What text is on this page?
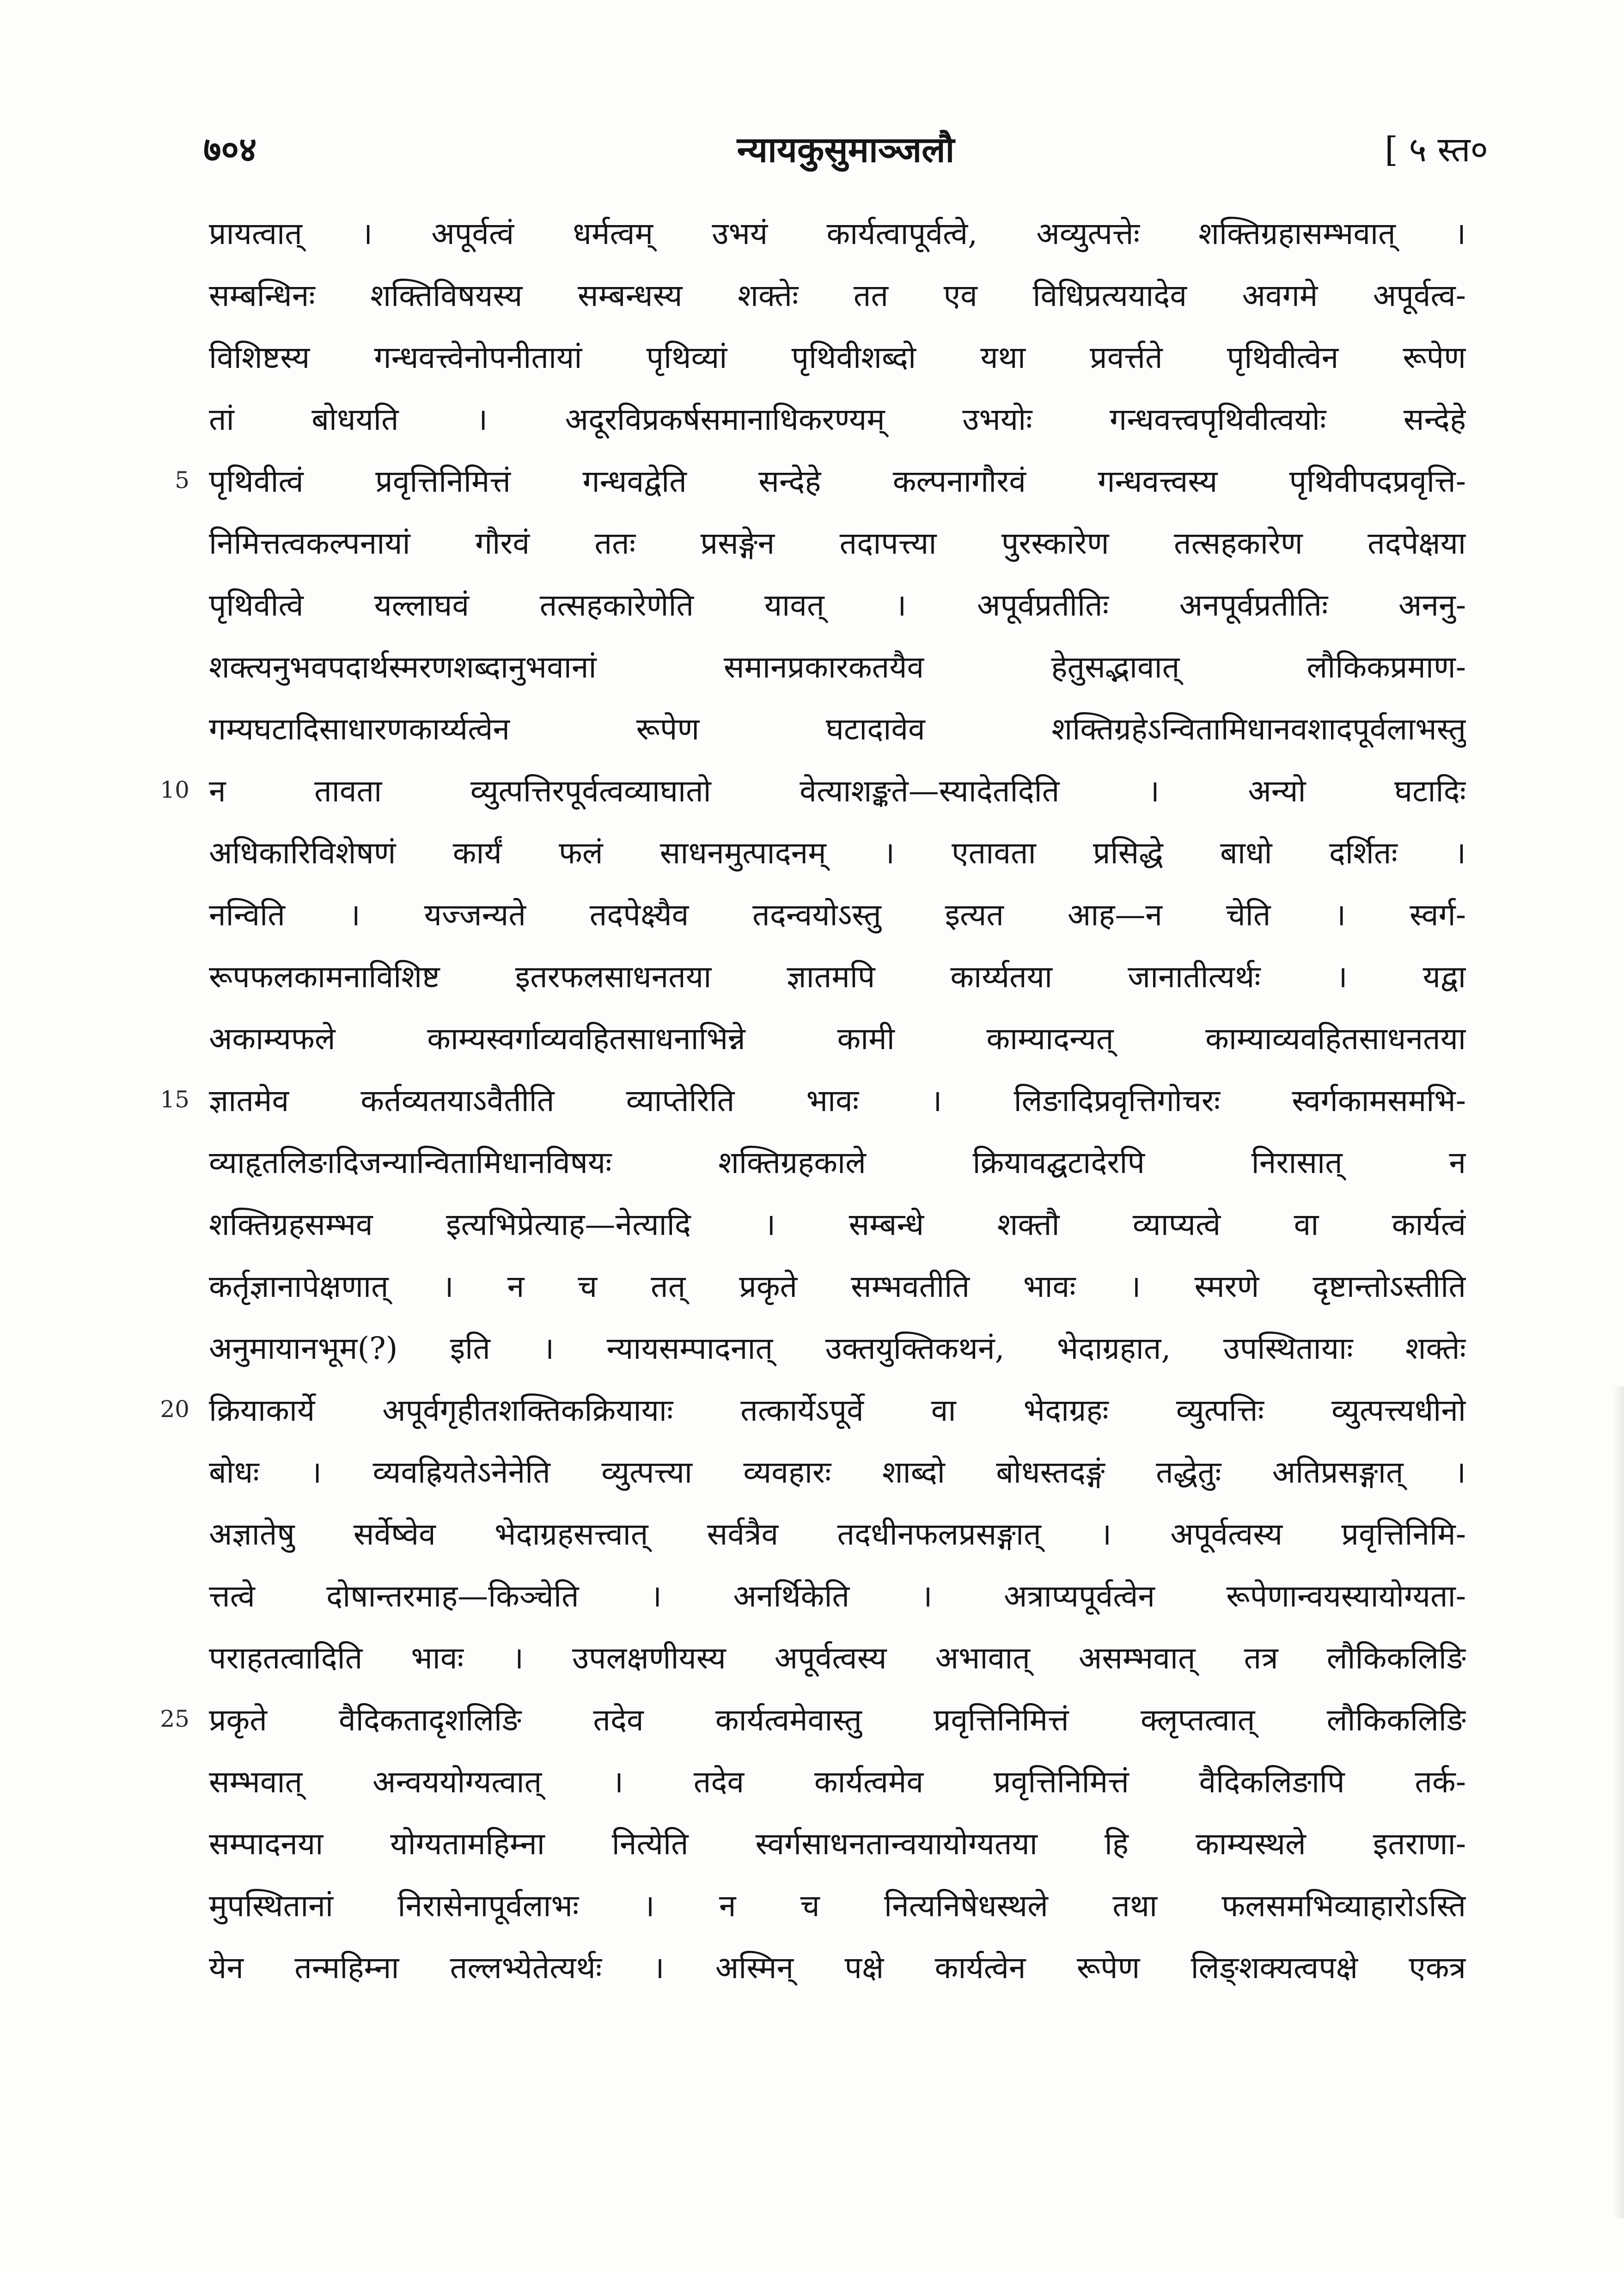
७०४	न्यायकुसुमाञ्जलौ	[ ५ स्त०
प्रायत्वात् । अपूर्वत्वं धर्मत्वम् उभयं कार्यत्वापूर्वत्वे, अव्युत्पत्तेः शक्तिग्रहासम्भवात् ।
सम्बन्धिनः शक्तिविषयस्य सम्बन्धस्य शक्तेः तत एव विधिप्रत्ययादेव अवगमे अपूर्वत्व-
विशिष्टस्य गन्धवत्त्वेनोपनीतायां पृथिव्यां पृथिवीशब्दो यथा प्रवर्त्तते पृथिवीत्वेन रूपेण
तां बोधयति । अदूरविप्रकर्षसमानाधिकरण्यम् उभयोः गन्धवत्त्वपृथिवीत्वयोः सन्देहे
5 पृथिवीत्वं प्रवृत्तिनिमित्तं गन्धवद्वेति सन्देहे कल्पनागौरवं गन्धवत्त्वस्य पृथिवीपदप्रवृत्ति-
निमित्तत्वकल्पनायां गौरवं ततः प्रसङ्गेन तदापत्त्या पुरस्कारेण तत्सहकारेण तदपेक्षया
पृथिवीत्वे यल्लाघवं तत्सहकारेणेति यावत् । अपूर्वप्रतीतिः अनपूर्वप्रतीतिः अननु-
शक्त्यनुभवपदार्थस्मरणशब्दानुभवानां समानप्रकारकतयैव हेतुसद्भावात् लौकिकप्रमाण-
गम्यघटादिसाधारणकार्य्यत्वेन रूपेण घटादावेव शक्तिग्रहेऽन्वितामिधानवशादपूर्वलाभस्तु
10 न तावता व्युत्पत्तिरपूर्वत्वव्याघातो वेत्याशङ्कते—स्यादेतदिति । अन्यो घटादिः
अधिकारिविशेषणं कार्यं फलं साधनमुत्पादनम् । एतावता प्रसिद्धे बाधो दर्शितः ।
नन्विति । यज्जन्यते तदपेक्ष्यैव तदन्वयोऽस्तु इत्यत आह—न चेति । स्वर्ग-
रूपफलकामनाविशिष्ट इतरफलसाधनतया ज्ञातमपि कार्य्यतया जानातीत्यर्थः । यद्वा
अकाम्यफले काम्यस्वर्गाव्यवहितसाधनाभिन्ने कामी काम्यादन्यत् काम्याव्यवहितसाधनतया
15 ज्ञातमेव कर्तव्यतयाऽवैतीति व्याप्तेरिति भावः । लिङादिप्रवृत्तिगोचरः स्वर्गकामसमभि-
व्याहृतलिङादिजन्यान्वितामिधानविषयः शक्तिग्रहकाले क्रियावद्घटादेरपि निरासात् न
शक्तिग्रहसम्भव इत्यभिप्रेत्याह—नेत्यादि । सम्बन्धे शक्तौ व्याप्यत्वे वा कार्यत्वं
कर्तृज्ञानापेक्षणात् । न च तत् प्रकृते सम्भवतीति भावः । स्मरणे दृष्टान्तोऽस्तीति
अनुमायानभूम(?) इति । न्यायसम्पादनात् उक्तयुक्तिकथनं, भेदाग्रहात, उपस्थितायाः शक्तेः
20 क्रियाकार्ये अपूर्वगृहीतशक्तिकक्रियायाः तत्कार्येऽपूर्वे वा भेदाग्रहः व्युत्पत्तिः व्युत्पत्त्यधीनो
बोधः । व्यवह्रियतेऽनेनेति व्युत्पत्त्या व्यवहारः शाब्दो बोधस्तदङ्गं तद्धेतुः अतिप्रसङ्गात् ।
अज्ञातेषु सर्वेष्वेव भेदाग्रहसत्त्वात् सर्वत्रैव तदधीनफलप्रसङ्गात् । अपूर्वत्वस्य प्रवृत्तिनिमि-
त्तत्वे दोषान्तरमाह—किञ्चेति । अनर्थिकेति । अत्राप्यपूर्वत्वेन रूपेणान्वयस्यायोग्यता-
पराहतत्वादिति भावः । उपलक्षणीयस्य अपूर्वत्वस्य अभावात् असम्भवात् तत्र लौकिकलिङि
25 प्रकृते वैदिकतादृशलिङि तदेव कार्यत्वमेवास्तु प्रवृत्तिनिमित्तं क्लृप्तत्वात् लौकिकलिङि
सम्भवात् अन्वययोग्यत्वात् । तदेव कार्यत्वमेव प्रवृत्तिनिमित्तं वैदिकलिङापि तर्क-
सम्पादनया योग्यतामहिम्ना नित्येति स्वर्गसाधनतान्वयायोग्यतया हि काम्यस्थले इतराणा-
मुपस्थितानां निरासेनापूर्वलाभः । न च नित्यनिषेधस्थले तथा फलसमभिव्याहारोऽस्ति
येन तन्महिम्ना तल्लभ्येतेत्यर्थः । अस्मिन् पक्षे कार्यत्वेन रूपेण लिङ्शक्यत्वपक्षे एकत्र
